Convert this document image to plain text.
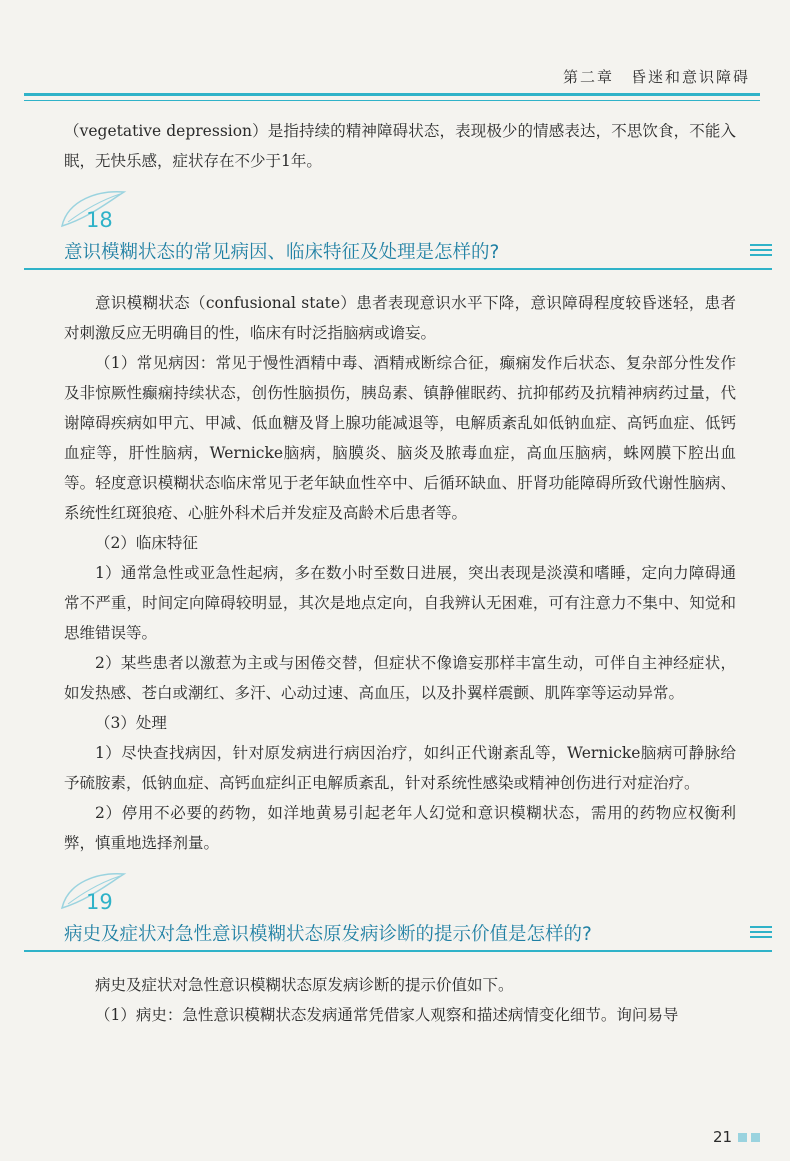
第二章　昏迷和意识障碍

（vegetative depression）是指持续的精神障碍状态，表现极少的情感表达，不思饮食，不能入眠，无快乐感，症状存在不少于1年。

18
意识模糊状态的常见病因、临床特征及处理是怎样的?

意识模糊状态（confusional state）患者表现意识水平下降，意识障碍程度较昏迷轻，患者对刺激反应无明确目的性，临床有时泛指脑病或谵妄。

（1）常见病因：常见于慢性酒精中毒、酒精戒断综合征，癫痫发作后状态、复杂部分性发作及非惊厥性癫痫持续状态，创伤性脑损伤，胰岛素、镇静催眠药、抗抑郁药及抗精神病药过量，代谢障碍疾病如甲亢、甲减、低血糖及肾上腺功能减退等，电解质紊乱如低钠血症、高钙血症、低钙血症等，肝性脑病，Wernicke脑病，脑膜炎、脑炎及脓毒血症，高血压脑病，蛛网膜下腔出血等。轻度意识模糊状态临床常见于老年缺血性卒中、后循环缺血、肝肾功能障碍所致代谢性脑病、系统性红斑狼疮、心脏外科术后并发症及高龄术后患者等。

（2）临床特征

1）通常急性或亚急性起病，多在数小时至数日进展，突出表现是淡漠和嗜睡，定向力障碍通常不严重，时间定向障碍较明显，其次是地点定向，自我辨认无困难，可有注意力不集中、知觉和思维错误等。

2）某些患者以激惹为主或与困倦交替，但症状不像谵妄那样丰富生动，可伴自主神经症状，如发热感、苍白或潮红、多汗、心动过速、高血压，以及扑翼样震颤、肌阵挛等运动异常。

（3）处理

1）尽快查找病因，针对原发病进行病因治疗，如纠正代谢紊乱等，Wernicke脑病可静脉给予硫胺素，低钠血症、高钙血症纠正电解质紊乱，针对系统性感染或精神创伤进行对症治疗。

2）停用不必要的药物，如洋地黄易引起老年人幻觉和意识模糊状态，需用的药物应权衡利弊，慎重地选择剂量。

19
病史及症状对急性意识模糊状态原发病诊断的提示价值是怎样的?

病史及症状对急性意识模糊状态原发病诊断的提示价值如下。

（1）病史：急性意识模糊状态发病通常凭借家人观察和描述病情变化细节。询问易导

21
